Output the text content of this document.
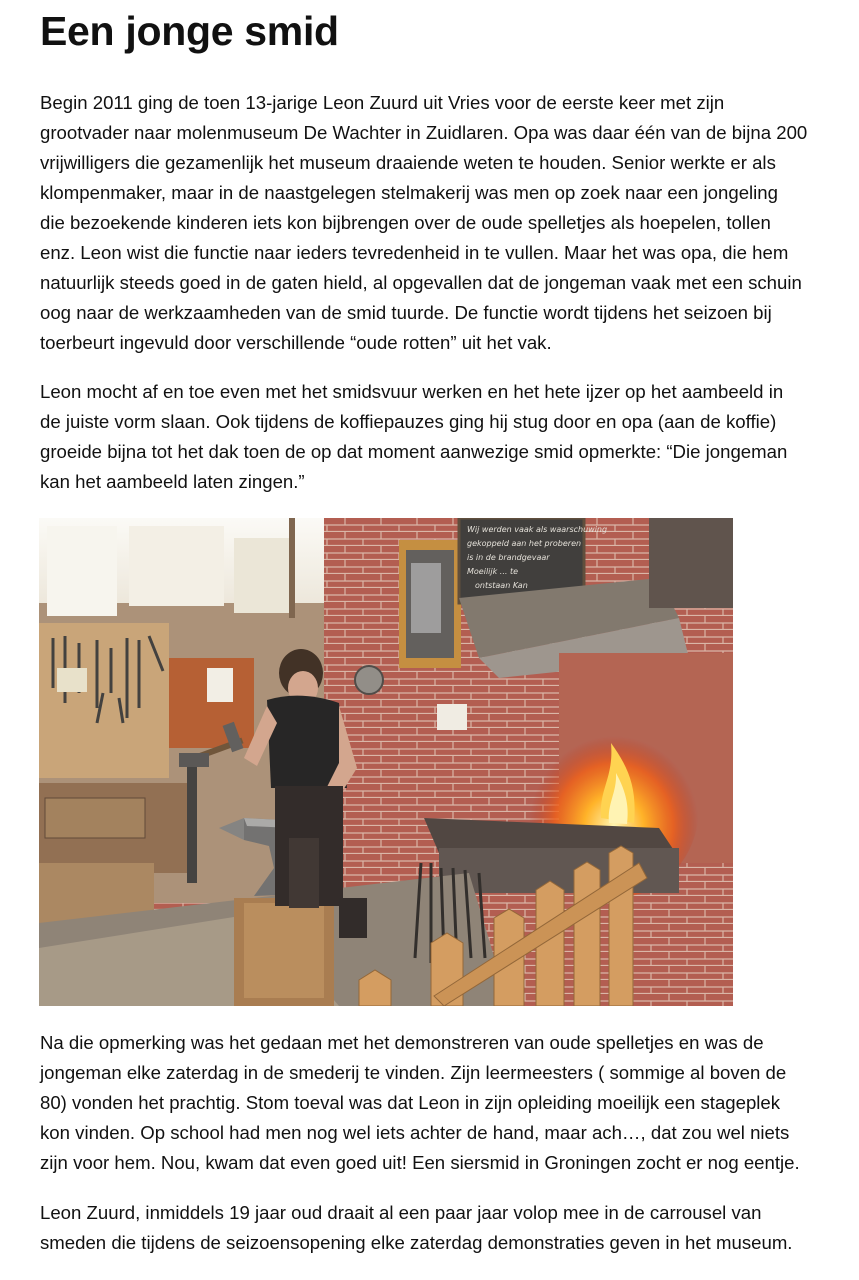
Een jonge smid
Begin 2011 ging de toen 13-jarige Leon Zuurd uit Vries voor de eerste keer met zijn
grootvader naar molenmuseum De Wachter in Zuidlaren. Opa was daar één van de bijna 200
vrijwilligers die gezamenlijk het museum draaiende weten te houden. Senior werkte er als
klompenmaker, maar in de naastgelegen stelmakerij was men op zoek naar een jongeling
die bezoekende kinderen iets kon bijbrengen over de oude spelletjes als hoepelen, tollen
enz. Leon wist die functie naar ieders tevredenheid in te vullen. Maar het was opa, die hem
natuurlijk steeds goed in de gaten hield, al opgevallen dat de jongeman vaak met een schuin
oog naar de werkzaamheden van de smid tuurde. De functie wordt tijdens het seizoen bij
toerbeurt ingevuld door verschillende “oude rotten” uit het vak.
Leon mocht af en toe even met het smidsvuur werken en het hete ijzer op het aambeeld in
de juiste vorm slaan. Ook tijdens de koffiepauzes ging hij stug door en opa (aan de koffie)
groeide bijna tot het dak toen de op dat moment aanwezige smid opmerkte: “Die jongeman
kan het aambeeld laten zingen.”
Wij werden vaak als waarschuwing
gekoppeld aan het proberen
is in de brandgevaar
Moeilijk ... te
ontstaan Kan
Na die opmerking was het gedaan met het demonstreren van oude spelletjes en was de
jongeman elke zaterdag in de smederij te vinden. Zijn leermeesters ( sommige al boven de
80) vonden het prachtig. Stom toeval was dat Leon in zijn opleiding moeilijk een stageplek
kon vinden. Op school had men nog wel iets achter de hand, maar ach…, dat zou wel niets
zijn voor hem. Nou, kwam dat even goed uit! Een siersmid in Groningen zocht er nog eentje.
Leon Zuurd, inmiddels 19 jaar oud draait al een paar jaar volop mee in de carrousel van
smeden die tijdens de seizoensopening elke zaterdag demonstraties geven in het museum.
